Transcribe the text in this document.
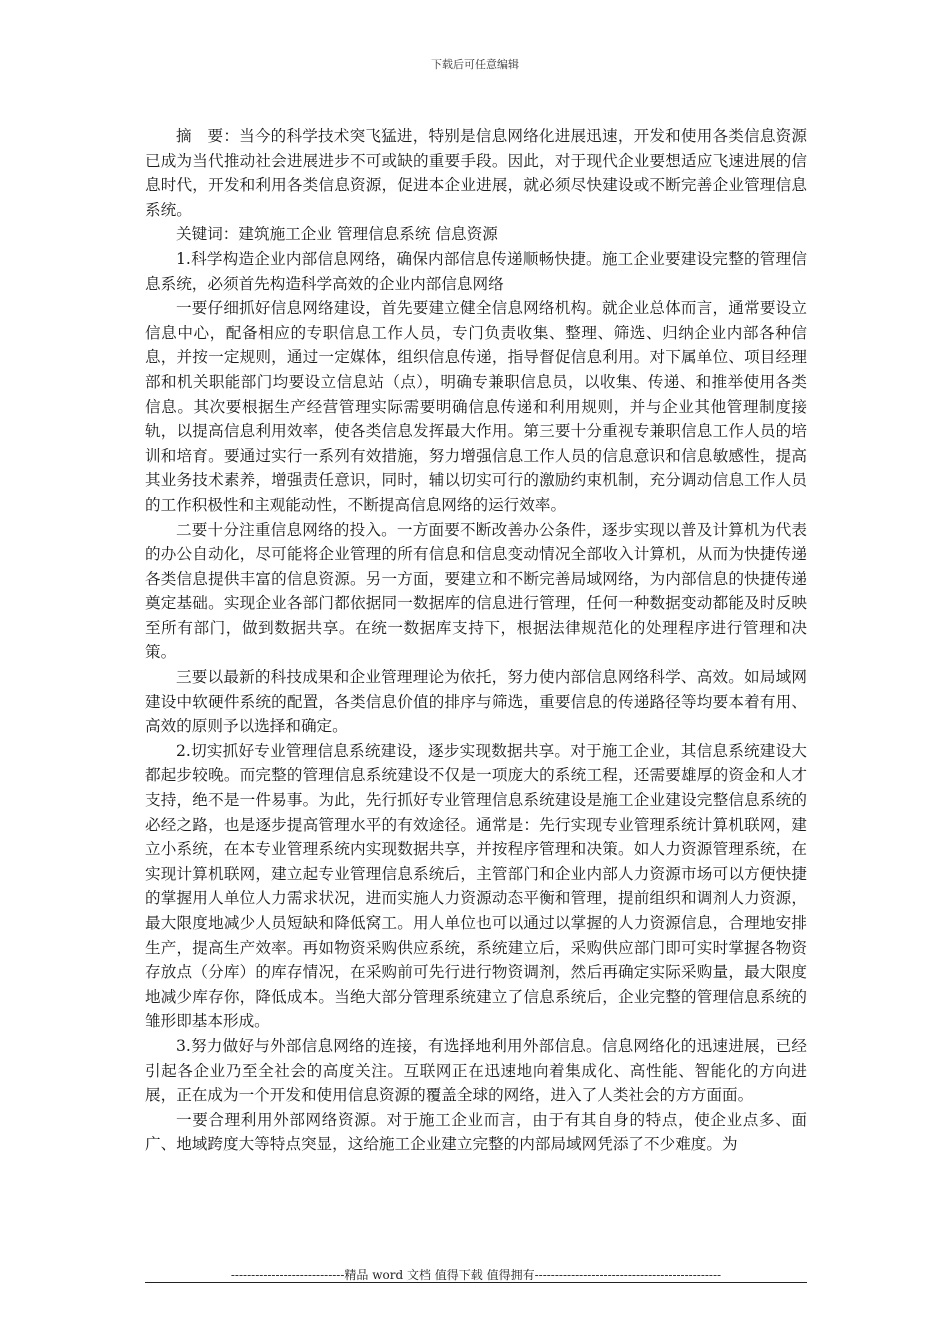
下载后可任意编辑

摘　要：当今的科学技术突飞猛进，特别是信息网络化进展迅速，开发和使用各类信息资源已成为当代推动社会进展进步不可或缺的重要手段。因此，对于现代企业要想适应飞速进展的信息时代，开发和利用各类信息资源，促进本企业进展，就必须尽快建设或不断完善企业管理信息系统。

关键词：建筑施工企业 管理信息系统 信息资源

1.科学构造企业内部信息网络，确保内部信息传递顺畅快捷。施工企业要建设完整的管理信息系统，必须首先构造科学高效的企业内部信息网络

一要仔细抓好信息网络建设，首先要建立健全信息网络机构。就企业总体而言，通常要设立信息中心，配备相应的专职信息工作人员，专门负责收集、整理、筛选、归纳企业内部各种信息，并按一定规则，通过一定媒体，组织信息传递，指导督促信息利用。对下属单位、项目经理部和机关职能部门均要设立信息站（点），明确专兼职信息员，以收集、传递、和推举使用各类信息。其次要根据生产经营管理实际需要明确信息传递和利用规则，并与企业其他管理制度接轨，以提高信息利用效率，使各类信息发挥最大作用。第三要十分重视专兼职信息工作人员的培训和培育。要通过实行一系列有效措施，努力增强信息工作人员的信息意识和信息敏感性，提高其业务技术素养，增强责任意识，同时，辅以切实可行的激励约束机制，充分调动信息工作人员的工作积极性和主观能动性，不断提高信息网络的运行效率。

二要十分注重信息网络的投入。一方面要不断改善办公条件，逐步实现以普及计算机为代表的办公自动化，尽可能将企业管理的所有信息和信息变动情况全部收入计算机，从而为快捷传递各类信息提供丰富的信息资源。另一方面，要建立和不断完善局域网络，为内部信息的快捷传递奠定基础。实现企业各部门都依据同一数据库的信息进行管理，任何一种数据变动都能及时反映至所有部门，做到数据共享。在统一数据库支持下，根据法律规范化的处理程序进行管理和决策。

三要以最新的科技成果和企业管理理论为依托，努力使内部信息网络科学、高效。如局域网建设中软硬件系统的配置，各类信息价值的排序与筛选，重要信息的传递路径等均要本着有用、高效的原则予以选择和确定。

2.切实抓好专业管理信息系统建设，逐步实现数据共享。对于施工企业，其信息系统建设大都起步较晚。而完整的管理信息系统建设不仅是一项庞大的系统工程，还需要雄厚的资金和人才支持，绝不是一件易事。为此，先行抓好专业管理信息系统建设是施工企业建设完整信息系统的必经之路，也是逐步提高管理水平的有效途径。通常是：先行实现专业管理系统计算机联网，建立小系统，在本专业管理系统内实现数据共享，并按程序管理和决策。如人力资源管理系统，在实现计算机联网，建立起专业管理信息系统后，主管部门和企业内部人力资源市场可以方便快捷的掌握用人单位人力需求状况，进而实施人力资源动态平衡和管理，提前组织和调剂人力资源，最大限度地减少人员短缺和降低窝工。用人单位也可以通过以掌握的人力资源信息，合理地安排生产，提高生产效率。再如物资采购供应系统，系统建立后，采购供应部门即可实时掌握各物资存放点（分库）的库存情况，在采购前可先行进行物资调剂，然后再确定实际采购量，最大限度地减少库存你，降低成本。当绝大部分管理系统建立了信息系统后，企业完整的管理信息系统的雏形即基本形成。

3.努力做好与外部信息网络的连接，有选择地利用外部信息。信息网络化的迅速进展，已经引起各企业乃至全社会的高度关注。互联网正在迅速地向着集成化、高性能、智能化的方向进展，正在成为一个开发和使用信息资源的覆盖全球的网络，进入了人类社会的方方面面。

一要合理利用外部网络资源。对于施工企业而言，由于有其自身的特点，使企业点多、面广、地域跨度大等特点突显，这给施工企业建立完整的内部局域网凭添了不少难度。为

----------------------------精品 word 文档 值得下载 值得拥有----------------------------------------------
